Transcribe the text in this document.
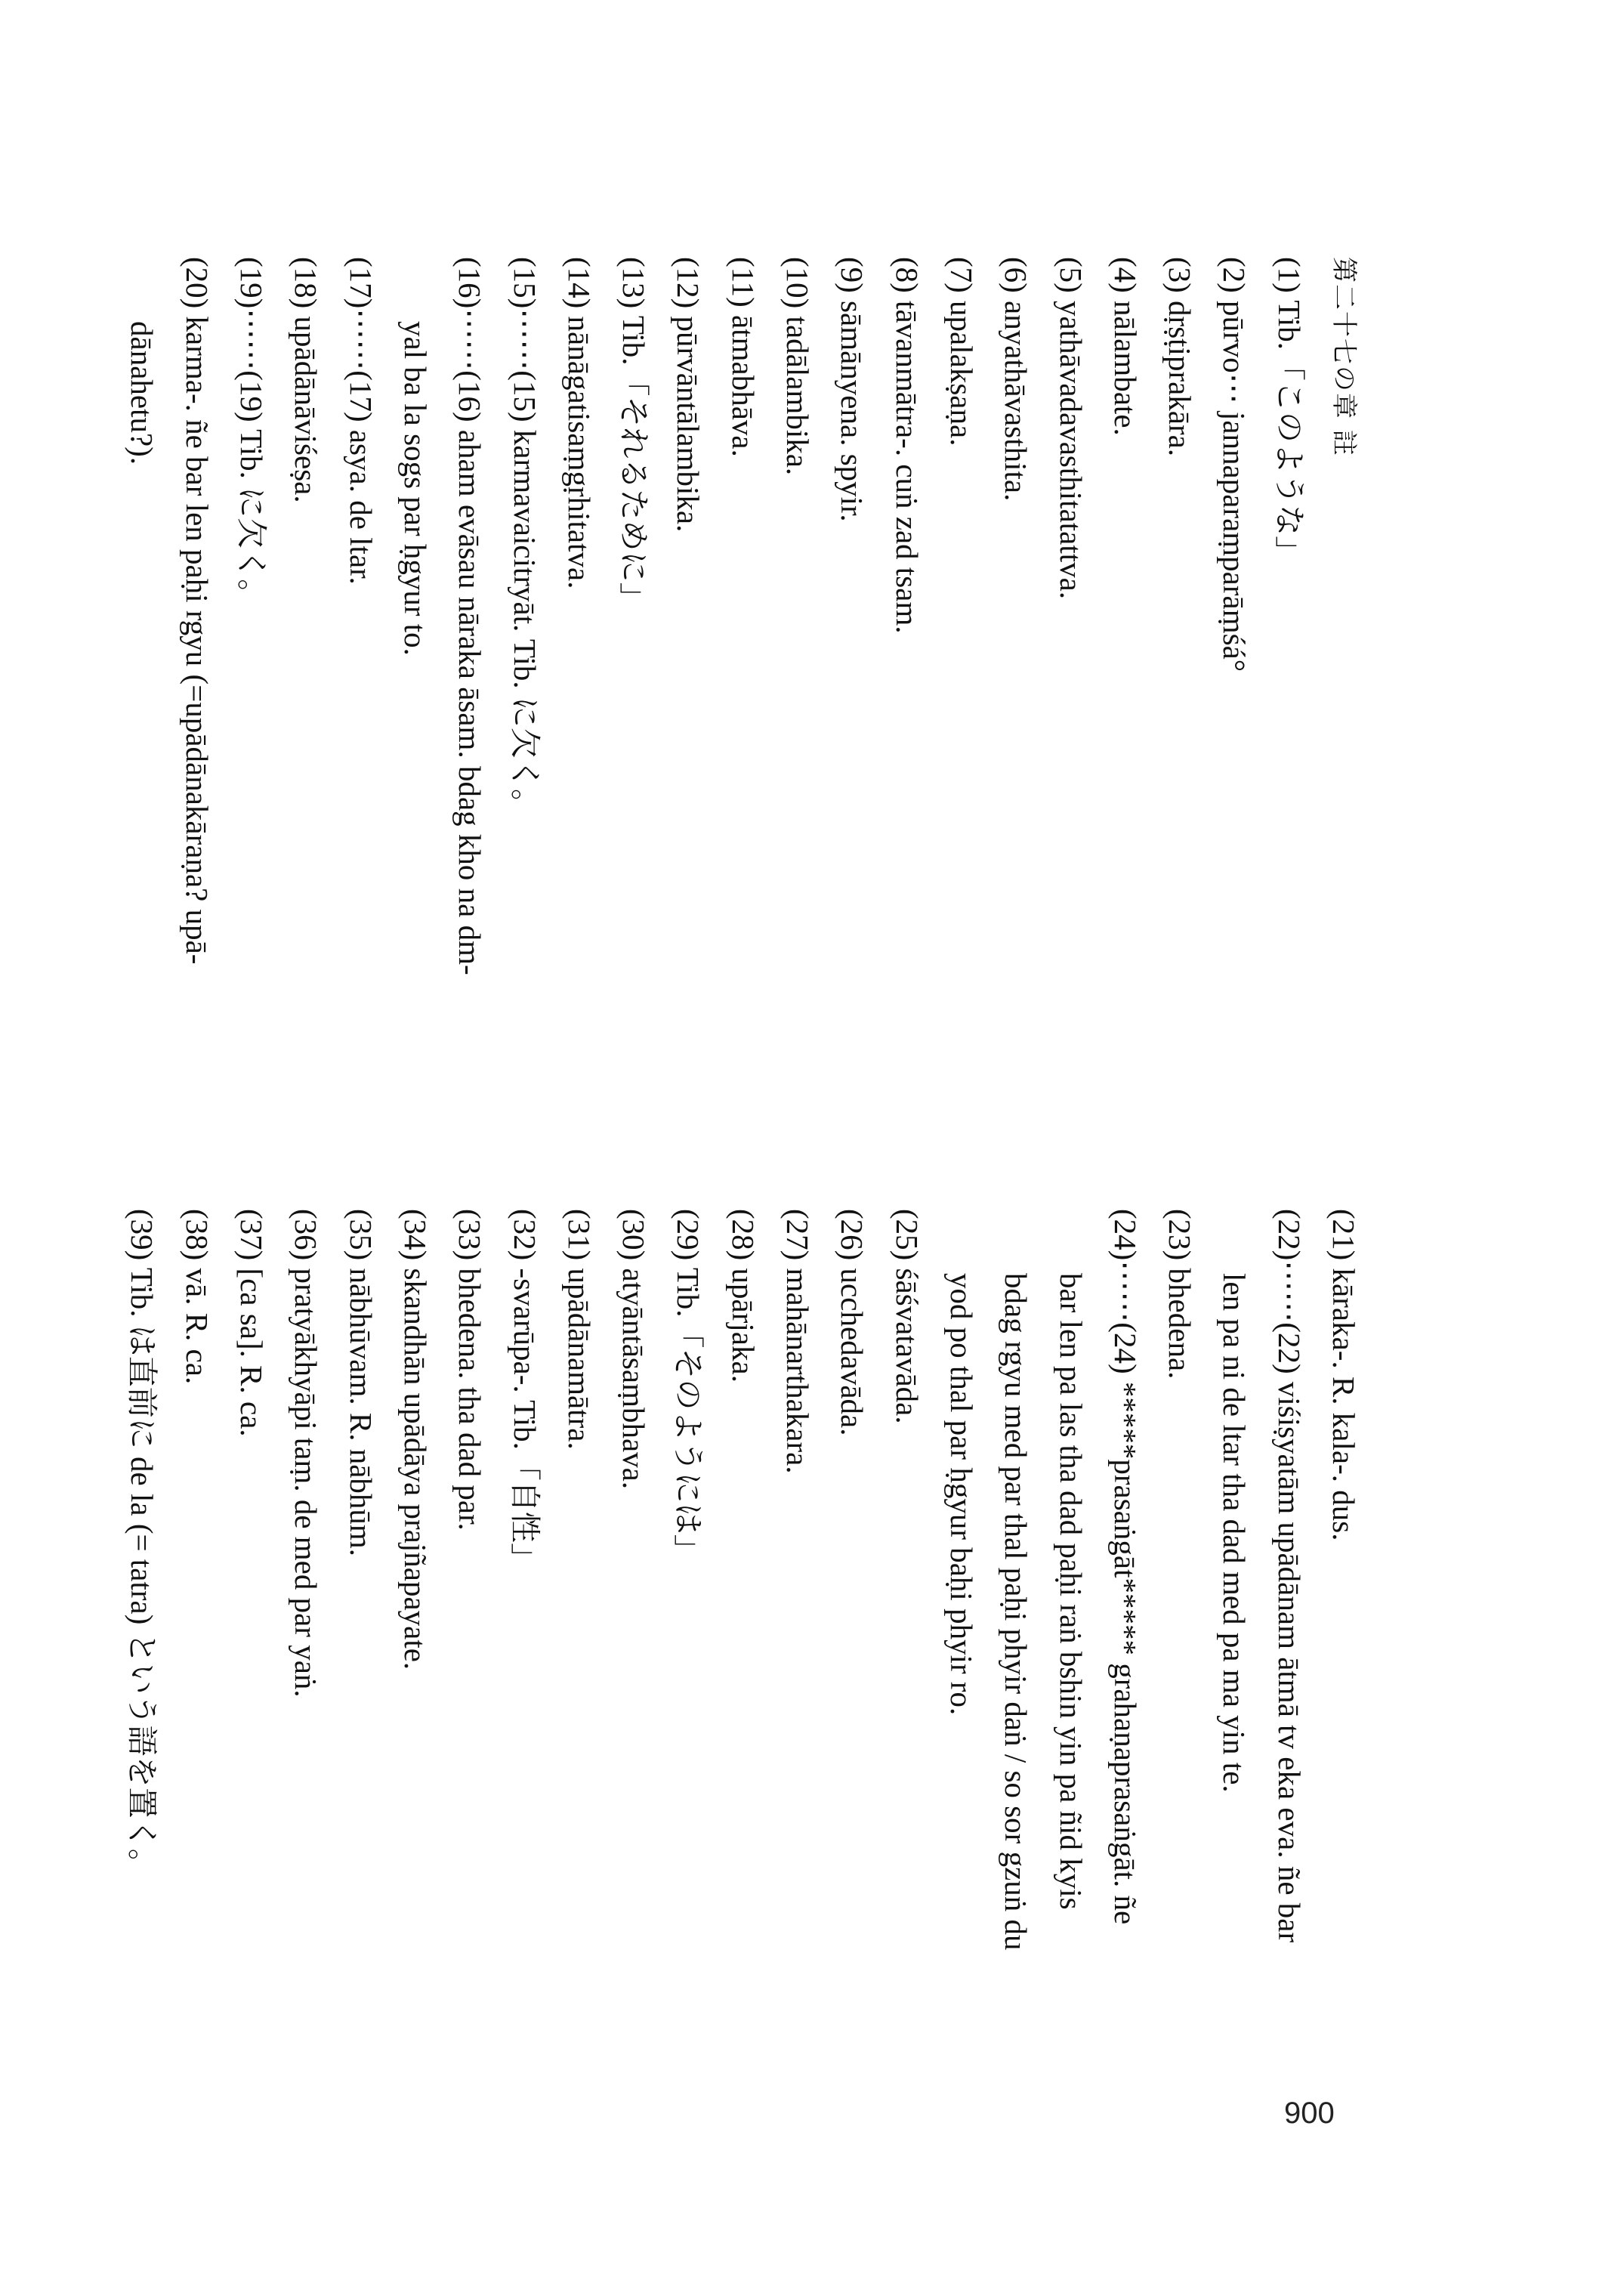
第二十七の章 註
(1) Tib.「このような」
(2) pūrvo⋯ jannaparaṃparāṃśá°
(3) dṛṣṭiprakāra.
(4) nālambate.
(5) yathāvadavasthitatattva.
(6) anyathāvasthita.
(7) upalakṣaṇa.
(8) tāvanmātra-. cuṅ zad tsam.
(9) sāmānyena. spyir.
(10) tadālambika.
(11) ātmabhāva.
(12) pūrvāntālambika.
(13) Tib.「それるために」
(14) nānāgatisaṃgṛhitatva.
(15)⋯⋯(15) karmavaicitryāt. Tib. に欠く。
(16)⋯⋯(16) aham evāsau nāraka āsam. bdag kho na dm-
yal ba la sogs par ḥgyur to.
(17)⋯⋯(17) asya. de ltar.
(18) upādānāviśeṣa.
(19)⋯⋯(19) Tib. に欠く。
(20) karma-. ñe bar len paḥi rgyu (=upādānakāraṇa? upā-
dānahetu?).
(21) kāraka-. R. kala-. dus.
(22)⋯⋯(22) viśiṣyatām upādānam ātmā tv eka eva. ñe bar
len pa ni de ltar tha dad med pa ma yin te.
(23) bhedena.
(24)⋯⋯(24) *****prasaṅgāt***** grahaṇaprasaṅgāt. ñe
bar len pa las tha dad paḥi raṅ bshin yin pa ñid kyis
bdag rgyu med par thal paḥi phyir daṅ / so sor gzuṅ du
yod po thal par ḥgyur baḥi phyir ro.
(25) śāśvatavāda.
(26) ucchedavāda.
(27) mahānarthakara.
(28) upārjaka.
(29) Tib.「そのようには」
(30) atyāntāsaṃbhava.
(31) upādānamātra.
(32) -svarūpa-. Tib.「自性」
(33) bhedena. tha dad par.
(34) skandhān upādāya prajñapayate.
(35) nābhūvam. R. nābhūm.
(36) pratyākhyāpi taṃ. de med par yaṅ.
(37) [ca sa]. R. ca.
(38) vā. R. ca.
(39) Tib. は直前に de la (= tatra) という語を置く。
900
